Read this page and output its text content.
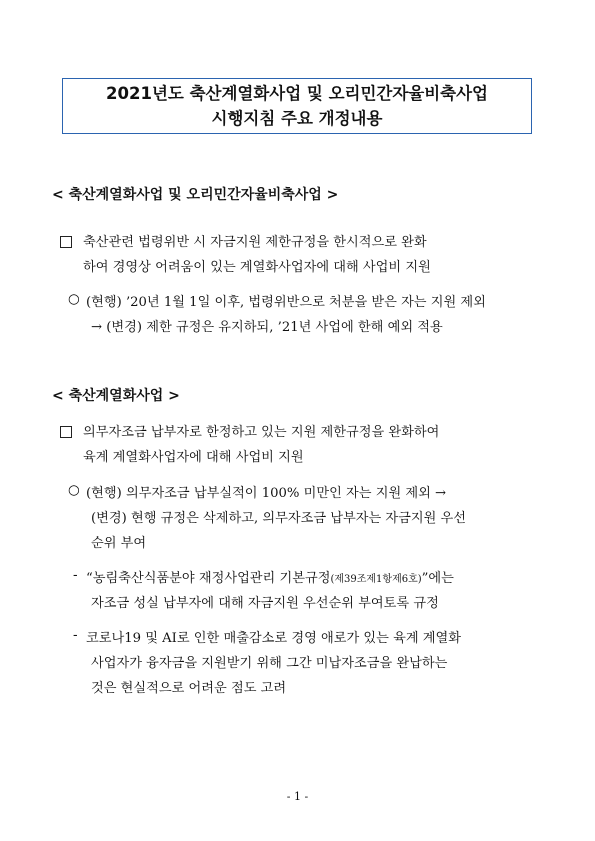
2021년도 축산계열화사업 및 오리민간자율비축사업
시행지침 주요 개정내용
< 축산계열화사업 및 오리민간자율비축사업 >
축산관련 법령위반 시 자금지원 제한규정을 한시적으로 완화
하여 경영상 어려움이 있는 계열화사업자에 대해 사업비 지원
○ (현행) ’20년 1월 1일 이후, 법령위반으로 처분을 받은 자는 지원 제외
→ (변경) 제한 규정은 유지하되, ’21년 사업에 한해 예외 적용
< 축산계열화사업 >
의무자조금 납부자로 한정하고 있는 지원 제한규정을 완화하여
육계 계열화사업자에 대해 사업비 지원
○ (현행) 의무자조금 납부실적이 100% 미만인 자는 지원 제외 →
(변경) 현행 규정은 삭제하고, 의무자조금 납부자는 자금지원 우선
순위 부여
- “농림축산식품분야 재정사업관리 기본규정(제39조제1항제6호)”에는
자조금 성실 납부자에 대해 자금지원 우선순위 부여토록 규정
- 코로나19 및 AI로 인한 매출감소로 경영 애로가 있는 육계 계열화
사업자가 융자금을 지원받기 위해 그간 미납자조금을 완납하는
것은 현실적으로 어려운 점도 고려
- 1 -
